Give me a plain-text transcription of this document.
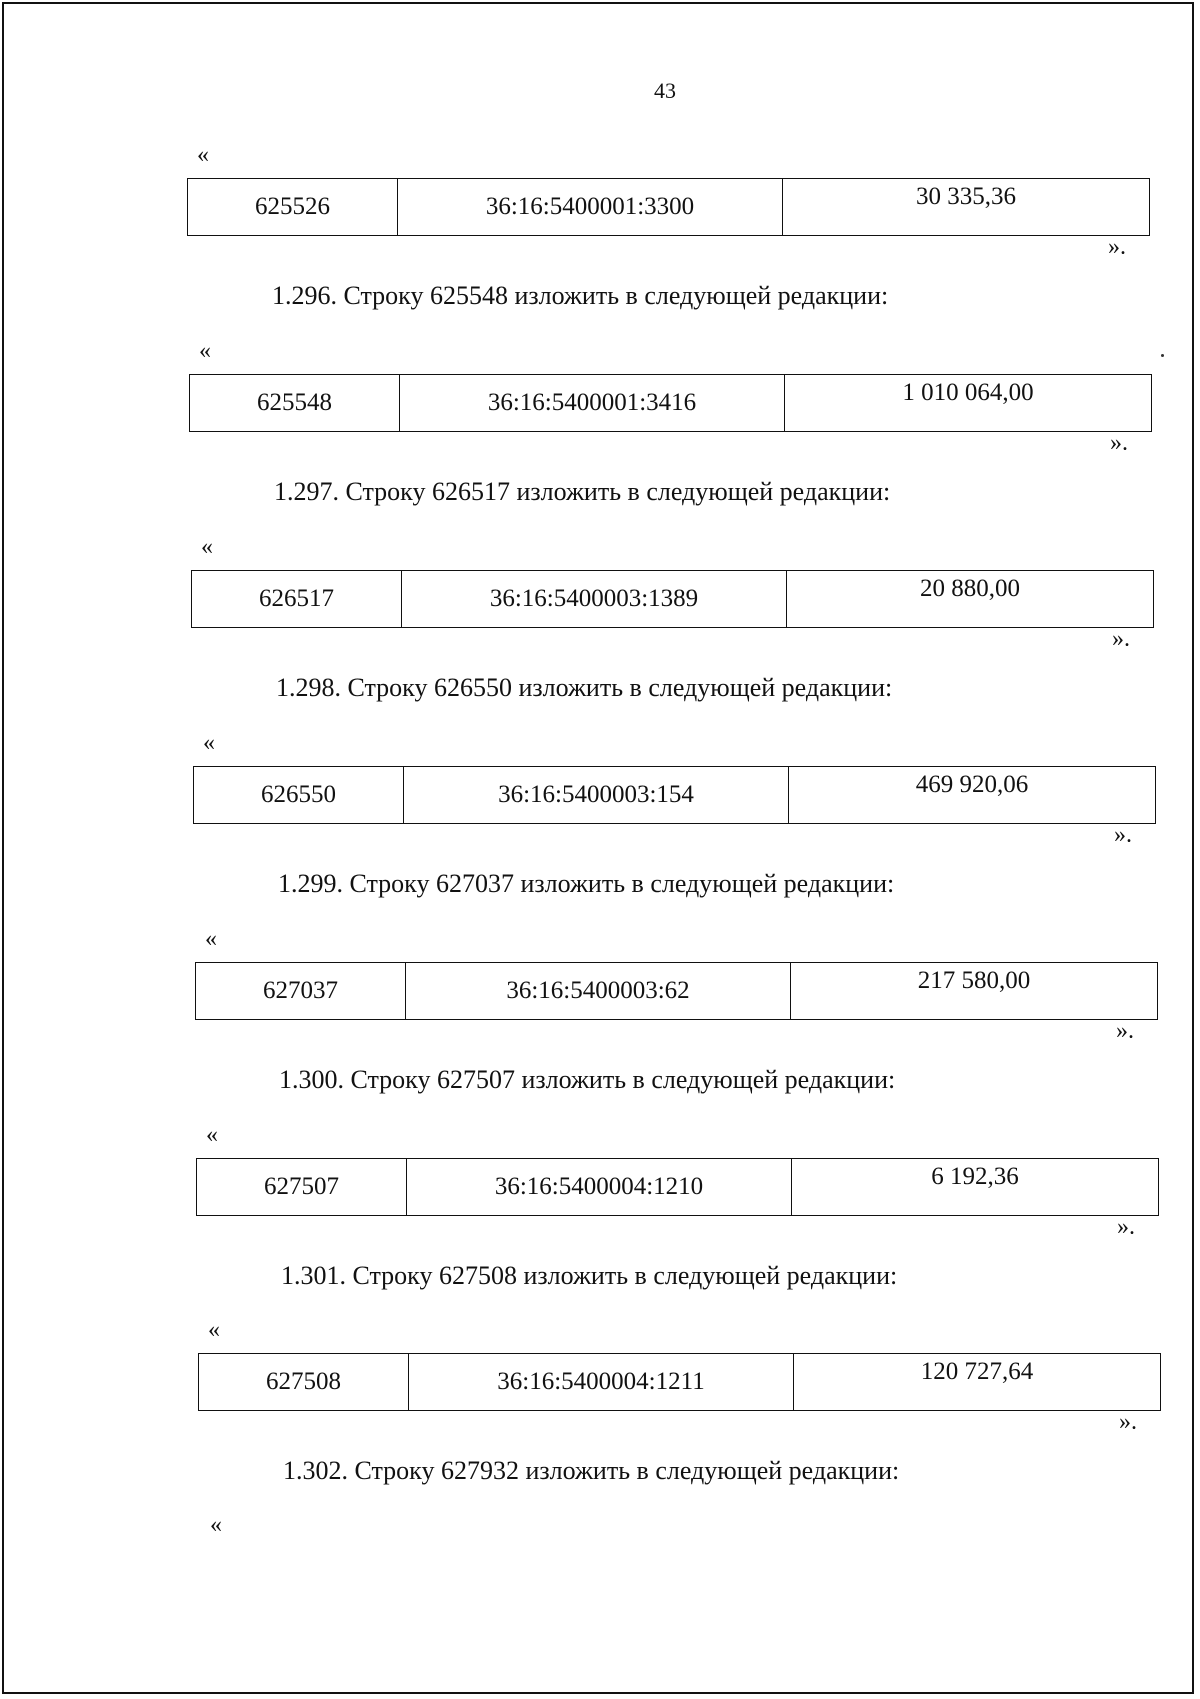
43
«
625526	36:16:5400001:3300	30 335,36
».
1.296. Строку 625548 изложить в следующей редакции:
«
625548	36:16:5400001:3416	1 010 064,00
».
1.297. Строку 626517 изложить в следующей редакции:
«
626517	36:16:5400003:1389	20 880,00
».
1.298. Строку 626550 изложить в следующей редакции:
«
626550	36:16:5400003:154	469 920,06
».
1.299. Строку 627037 изложить в следующей редакции:
«
627037	36:16:5400003:62	217 580,00
».
1.300. Строку 627507 изложить в следующей редакции:
«
627507	36:16:5400004:1210	6 192,36
».
1.301. Строку 627508 изложить в следующей редакции:
«
627508	36:16:5400004:1211	120 727,64
».
1.302. Строку 627932 изложить в следующей редакции:
«
